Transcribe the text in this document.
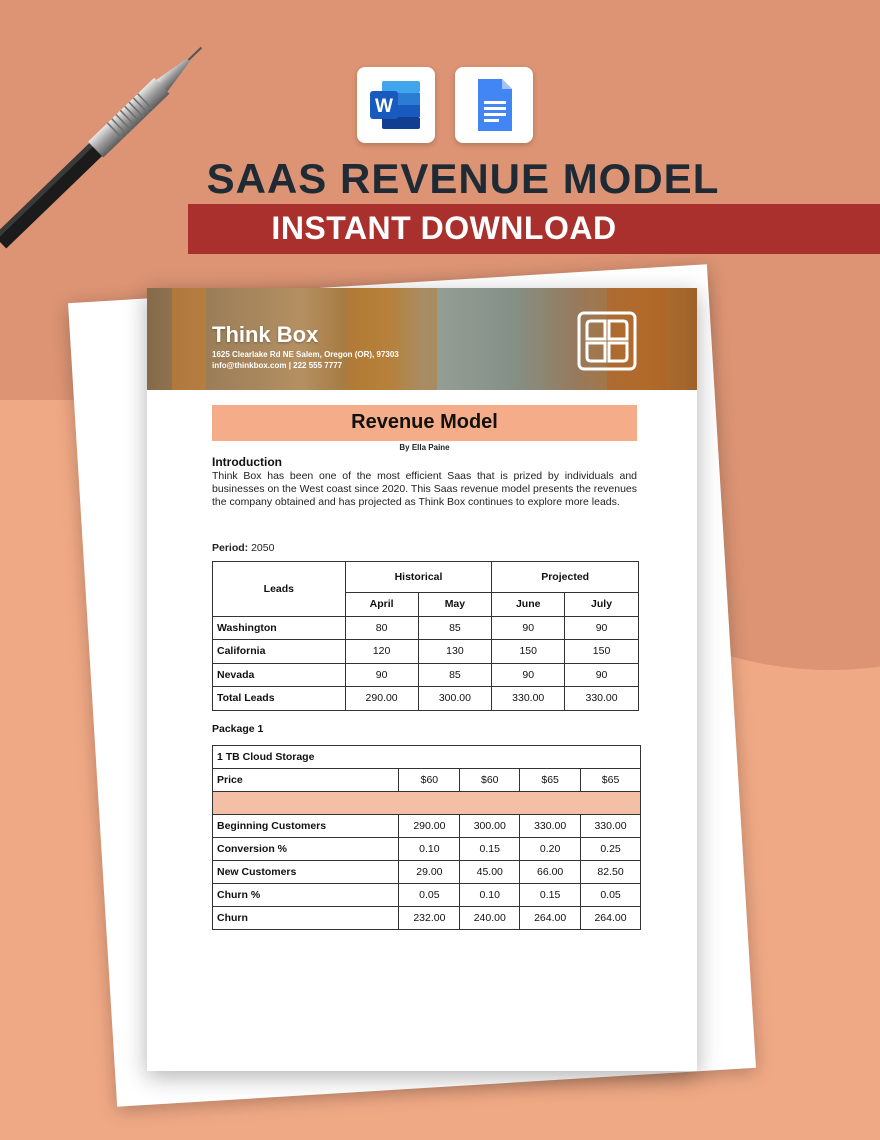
W
SAAS REVENUE MODEL
INSTANT DOWNLOAD
Think Box
1625 Clearlake Rd NE Salem, Oregon (OR), 97303
info@thinkbox.com | 222 555 7777
Revenue Model
By Ella Paine
Introduction
Think Box has been one of the most efficient Saas that is prized by individuals and businesses on the West coast since 2020. This Saas revenue model presents the revenues the company obtained and has projected as Think Box continues to explore more leads.
Period: 2050
Leads	Historical		Projected	
	April	May	June	July
Washington	80	85	90	90
California	120	130	150	150
Nevada	90	85	90	90
Total Leads	290.00	300.00	330.00	330.00
Package 1
1 TB Cloud Storage				
Price	$60	$60	$65	$65

Beginning Customers	290.00	300.00	330.00	330.00
Conversion %	0.10	0.15	0.20	0.25
New Customers	29.00	45.00	66.00	82.50
Churn %	0.05	0.10	0.15	0.05
Churn	232.00	240.00	264.00	264.00
